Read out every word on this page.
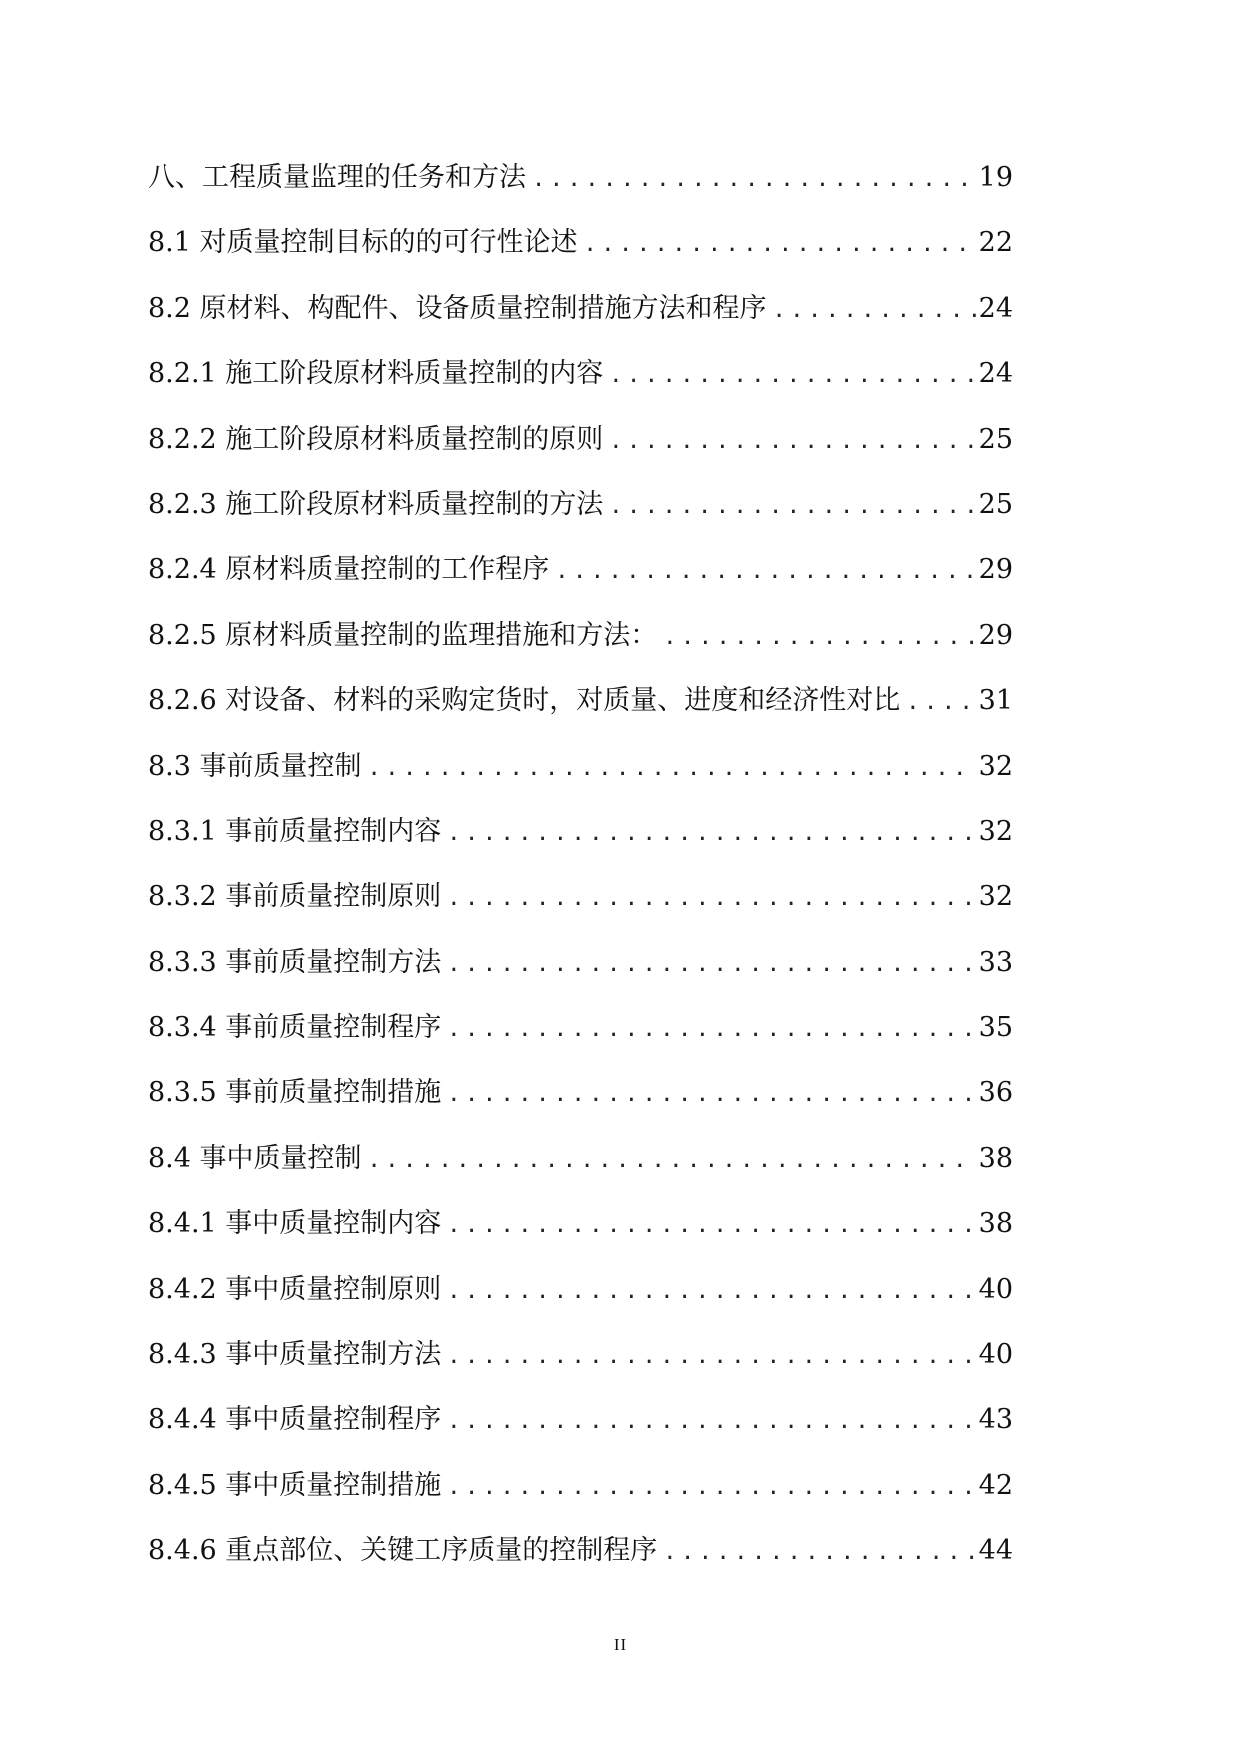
八、工程质量监理的任务和方法 .....	19
8.1 对质量控制目标的的可行性论述 .....	22
8.2 原材料、构配件、设备质量控制措施方法和程序 .....	24
8.2.1 施工阶段原材料质量控制的内容 .....	24
8.2.2 施工阶段原材料质量控制的原则 .....	25
8.2.3 施工阶段原材料质量控制的方法 .....	25
8.2.4 原材料质量控制的工作程序 .....	29
8.2.5 原材料质量控制的监理措施和方法： .....	29
8.2.6 对设备、材料的采购定货时，对质量、进度和经济性对比 .....	31
8.3 事前质量控制 .....	32
8.3.1 事前质量控制内容 .....	32
8.3.2 事前质量控制原则 .....	32
8.3.3 事前质量控制方法 .....	33
8.3.4 事前质量控制程序 .....	35
8.3.5 事前质量控制措施 .....	36
8.4 事中质量控制 .....	38
8.4.1 事中质量控制内容 .....	38
8.4.2 事中质量控制原则 .....	40
8.4.3 事中质量控制方法 .....	40
8.4.4 事中质量控制程序 .....	43
8.4.5 事中质量控制措施 .....	42
8.4.6 重点部位、关键工序质量的控制程序 .....	44
II
